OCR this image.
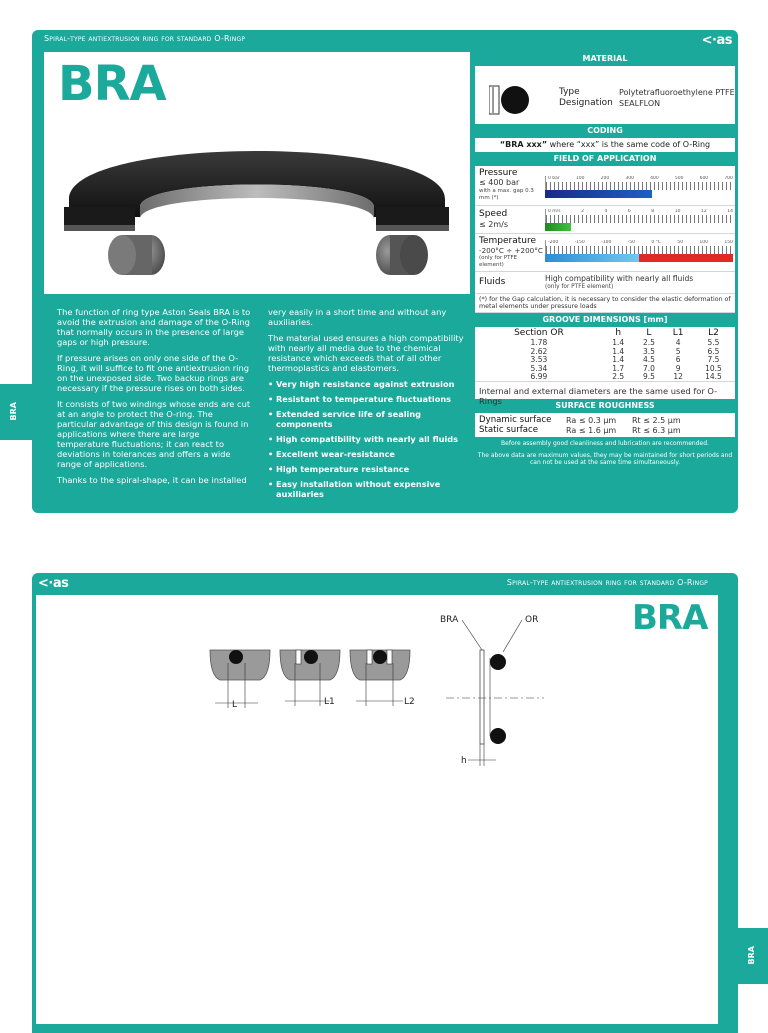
Spiral-type antiextrusion ring for standard O-Ringp	<·as
BRA

The function of ring type Aston Seals BRA is to avoid the extrusion and damage of the O-Ring that normally occurs in the presence of large gaps or high pressure.

If pressure arises on only one side of the O-Ring, it will suffice to fit one antiextrusion ring on the unexposed side. Two backup rings are necessary if the pressure rises on both sides.

It consists of two windings whose ends are cut at an angle to protect the O-ring. The particular advantage of this design is found in applications where there are large temperature fluctuations; it can react to deviations in tolerances and offers a wide range of applications.

Thanks to the spiral-shape, it can be installed

very easily in a short time and without any auxiliaries.

The material used ensures a high compatibility with nearly all media due to the chemical resistance which exceeds that of all other thermoplastics and elastomers.

• Very high resistance against extrusion
• Resistant to temperature fluctuations
• Extended service life of sealing components
• High compatibility with nearly all fluids
• Excellent wear-resistance
• High temperature resistance
• Easy installation without expensive auxiliaries
BRA
MATERIAL
Type	Polytetrafluoroethylene PTFE
Designation SEALFLON
CODING
“BRA xxx” where “xxx” is the same code of O-Ring
FIELD OF APPLICATION
Pressure
≤ 400 bar
with a max. gap 0.3 mm (*)
0 bar	100	200	300	400	500	600	700
Speed
≤ 2m/s
0 m/s	2	4	6	8	10	12	14
Temperature
-200°C ÷ +200°C
(only for PTFE element)
-200	-150	-100	-50	0 °C	50	100	150
Fluids	High compatibility with nearly all fluids
(only for PTFE element)
(*) for the Gap calculation, it is necessary to consider the elastic deformation of metal elements under pressure loads
GROOVE DIMENSIONS [mm]
Section OR	h	L	L1	L2
1.78	1.4	2.5	4	5.5
2.62	1.4	3.5	5	6.5
3.53	1.4	4.5	6	7.5
5.34	1.7	7.0	9	10.5
6.99	2.5	9.5	12	14.5
Internal and external diameters are the same used for O-Rings	SURFACE ROUGHNESS
Dynamic surface Ra ≤ 0.3 μm Rt ≤ 2.5 μm
Static surface	Ra ≤ 1.6 μm Rt ≤ 6.3 μm
Before assembly good cleanliness and lubrication are recommended.
The above data are maximum values, they may be maintained for short periods and can not be used at the same time simultaneously.
<·as	Spiral-type antiextrusion ring for standard O-Ringp
BRA
BRA
L	L1	L2
BRA	OR
h
